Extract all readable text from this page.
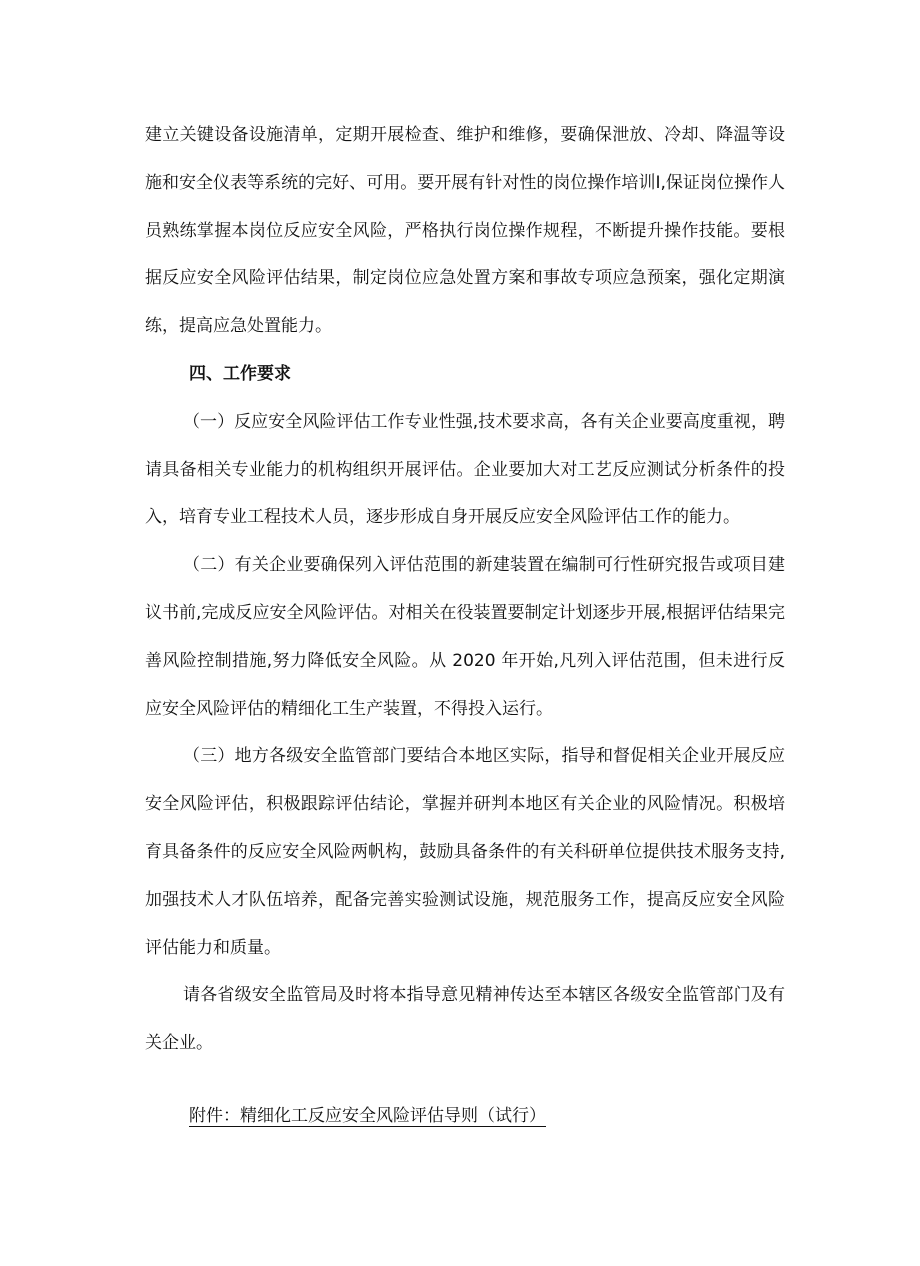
建立关键设备设施清单，定期开展检查、维护和维修，要确保泄放、冷却、降温等设施和安全仪表等系统的完好、可用。要开展有针对性的岗位操作培训I,保证岗位操作人员熟练掌握本岗位反应安全风险，严格执行岗位操作规程，不断提升操作技能。要根据反应安全风险评估结果，制定岗位应急处置方案和事故专项应急预案，强化定期演练，提高应急处置能力。

四、工作要求

（一）反应安全风险评估工作专业性强,技术要求高，各有关企业要高度重视，聘请具备相关专业能力的机构组织开展评估。企业要加大对工艺反应测试分析条件的投入，培育专业工程技术人员，逐步形成自身开展反应安全风险评估工作的能力。

（二）有关企业要确保列入评估范围的新建装置在编制可行性研究报告或项目建议书前,完成反应安全风险评估。对相关在役装置要制定计划逐步开展,根据评估结果完善风险控制措施,努力降低安全风险。从 2020 年开始,凡列入评估范围，但未进行反应安全风险评估的精细化工生产装置，不得投入运行。

（三）地方各级安全监管部门要结合本地区实际，指导和督促相关企业开展反应安全风险评估，积极跟踪评估结论，掌握并研判本地区有关企业的风险情况。积极培育具备条件的反应安全风险两帆构，鼓励具备条件的有关科研单位提供技术服务支持,加强技术人才队伍培养，配备完善实验测试设施，规范服务工作，提高反应安全风险评估能力和质量。

请各省级安全监管局及时将本指导意见精神传达至本辖区各级安全监管部门及有关企业。

附件：精细化工反应安全风险评估导则（试行）
